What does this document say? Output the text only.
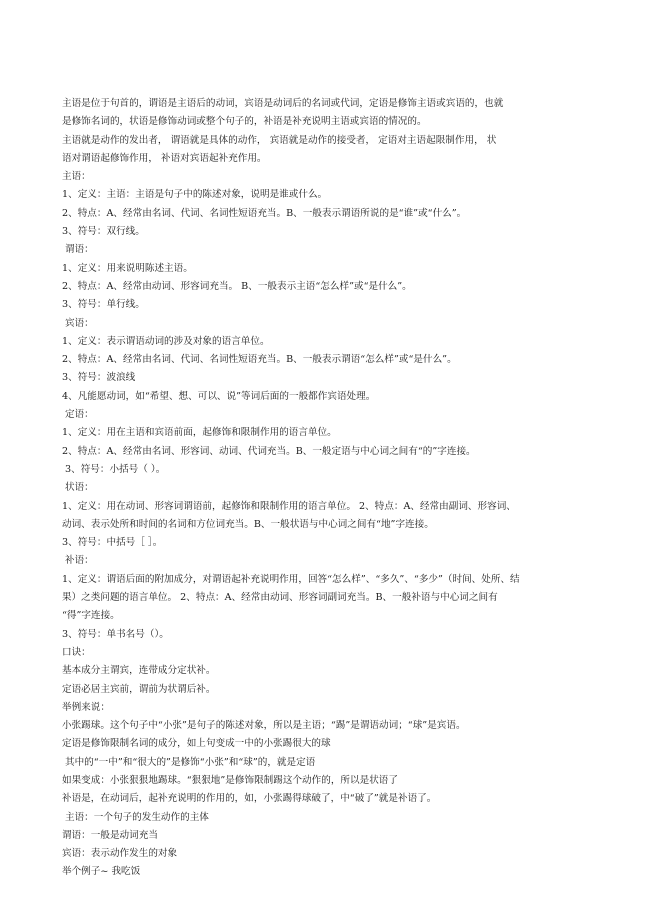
主语是位于句首的，谓语是主语后的动词，宾语是动词后的名词或代词，定语是修饰主语或宾语的，也就
是修饰名词的，状语是修饰动词或整个句子的，补语是补充说明主语或宾语的情况的。
主语就是动作的发出者， 谓语就是具体的动作， 宾语就是动作的接受者， 定语对主语起限制作用， 状
语对谓语起修饰作用， 补语对宾语起补充作用。
主语：
1、定义：主语：主语是句子中的陈述对象，说明是谁或什么。
2、特点：A、经常由名词、代词、名词性短语充当。B、一般表示谓语所说的是“谁”或“什么”。
3、符号：双行线。
谓语：
1、定义：用来说明陈述主语。
2、特点：A、经常由动词、形容词充当。 B、一般表示主语“怎么样”或“是什么”。
3、符号：单行线。
宾语：
1、定义：表示谓语动词的涉及对象的语言单位。
2、特点：A、经常由名词、代词、名词性短语充当。B、一般表示谓语“怎么样”或“是什么”。
3、符号：波浪线
4、凡能愿动词，如“希望、想、可以、说”等词后面的一般都作宾语处理。
定语：
1、定义：用在主语和宾语前面，起修饰和限制作用的语言单位。
2、特点：A、经常由名词、形容词、动词、代词充当。B、一般定语与中心词之间有“的”字连接。
3、符号：小括号（ ）。
状语：
1、定义：用在动词、形容词谓语前，起修饰和限制作用的语言单位。 2、特点：A、经常由副词、形容词、
动词、表示处所和时间的名词和方位词充当。B、一般状语与中心词之间有“地”字连接。
3、符号：中括号［ ］。
补语：
1、定义：谓语后面的附加成分，对谓语起补充说明作用，回答“怎么样”、“多久”、“多少”（时间、处所、结
果）之类问题的语言单位。 2、特点：A、经常由动词、形容词副词充当。B、一般补语与中心词之间有
“得”字连接。
3、符号：单书名号（）。
口诀：
基本成分主谓宾，连带成分定状补。
定语必居主宾前，谓前为状谓后补。
举例来说：
小张踢球。这个句子中“小张”是句子的陈述对象，所以是主语；“踢”是谓语动词；“球”是宾语。
定语是修饰限制名词的成分，如上句变成一中的小张踢很大的球
其中的“一中”和“很大的”是修饰“小张”和“球”的，就是定语
如果变成：小张狠狠地踢球。“狠狠地”是修饰限制踢这个动作的，所以是状语了
补语是，在动词后，起补充说明的作用的，如，小张踢得球破了，中“破了”就是补语了。
主语：一个句子的发生动作的主体
谓语：一般是动词充当
宾语：表示动作发生的对象
举个例子~ 我吃饭
